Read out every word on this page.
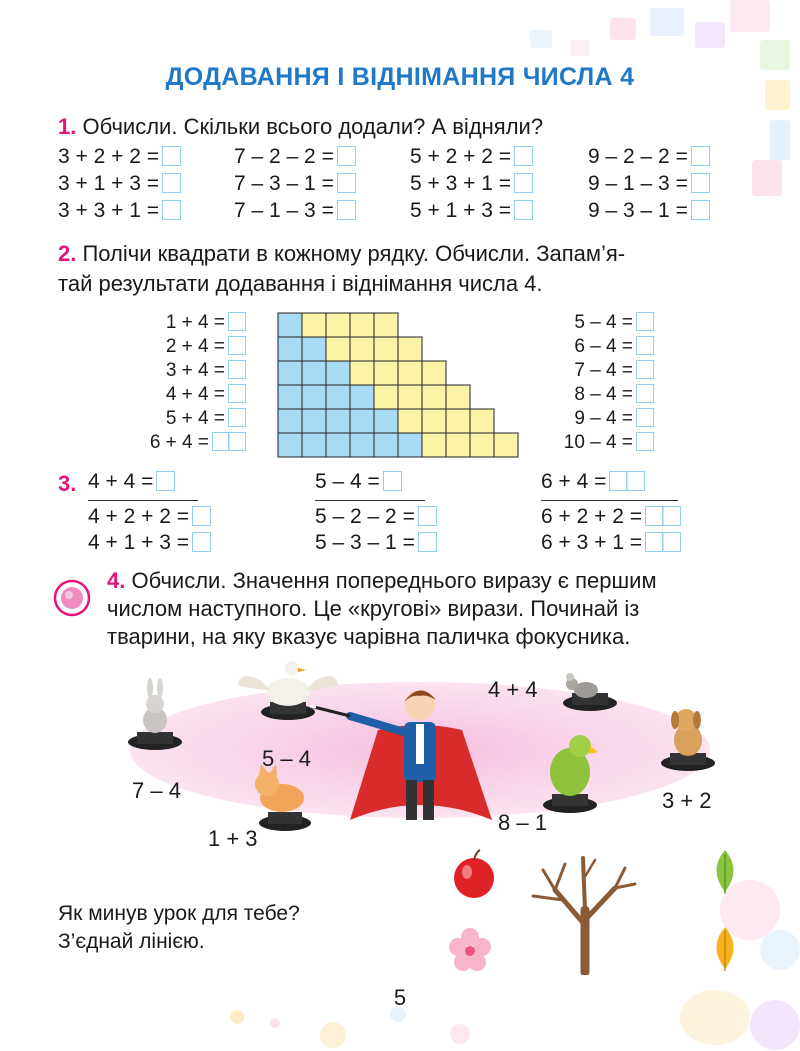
ДОДАВАННЯ І ВІДНІМАННЯ ЧИСЛА 4
1. Обчисли. Скільки всього додали? А відняли?
3 + 2 + 2 =	7 – 2 – 2 =	5 + 2 + 2 =	9 – 2 – 2 =
3 + 1 + 3 =	7 – 3 – 1 =	5 + 3 + 1 =	9 – 1 – 3 =
3 + 3 + 1 =	7 – 1 – 3 =	5 + 1 + 3 =	9 – 3 – 1 =
2. Полічи квадрати в кожному рядку. Обчисли. Запам’я-
тай результати додавання і віднімання числа 4.
1 + 4 =
2 + 4 =
3 + 4 =
4 + 4 =
5 + 4 =
6 + 4 =
5 – 4 =
6 – 4 =
7 – 4 =
8 – 4 =
9 – 4 =
10 – 4 =
3. 4 + 4 =
4 + 2 + 2 =
4 + 1 + 3 =
5 – 4 =
5 – 2 – 2 =
5 – 3 – 1 =
6 + 4 =
6 + 2 + 2 =
6 + 3 + 1 =
4. Обчисли. Значення попереднього виразу є першим
числом наступного. Це «кругові» вирази. Починай із
тварини, на яку вказує чарівна паличка фокусника.
4 + 4
5 – 4
7 – 4	3 + 2
8 – 1
1 + 3
Як минув урок для тебе?
З’єднай лінією.
5
